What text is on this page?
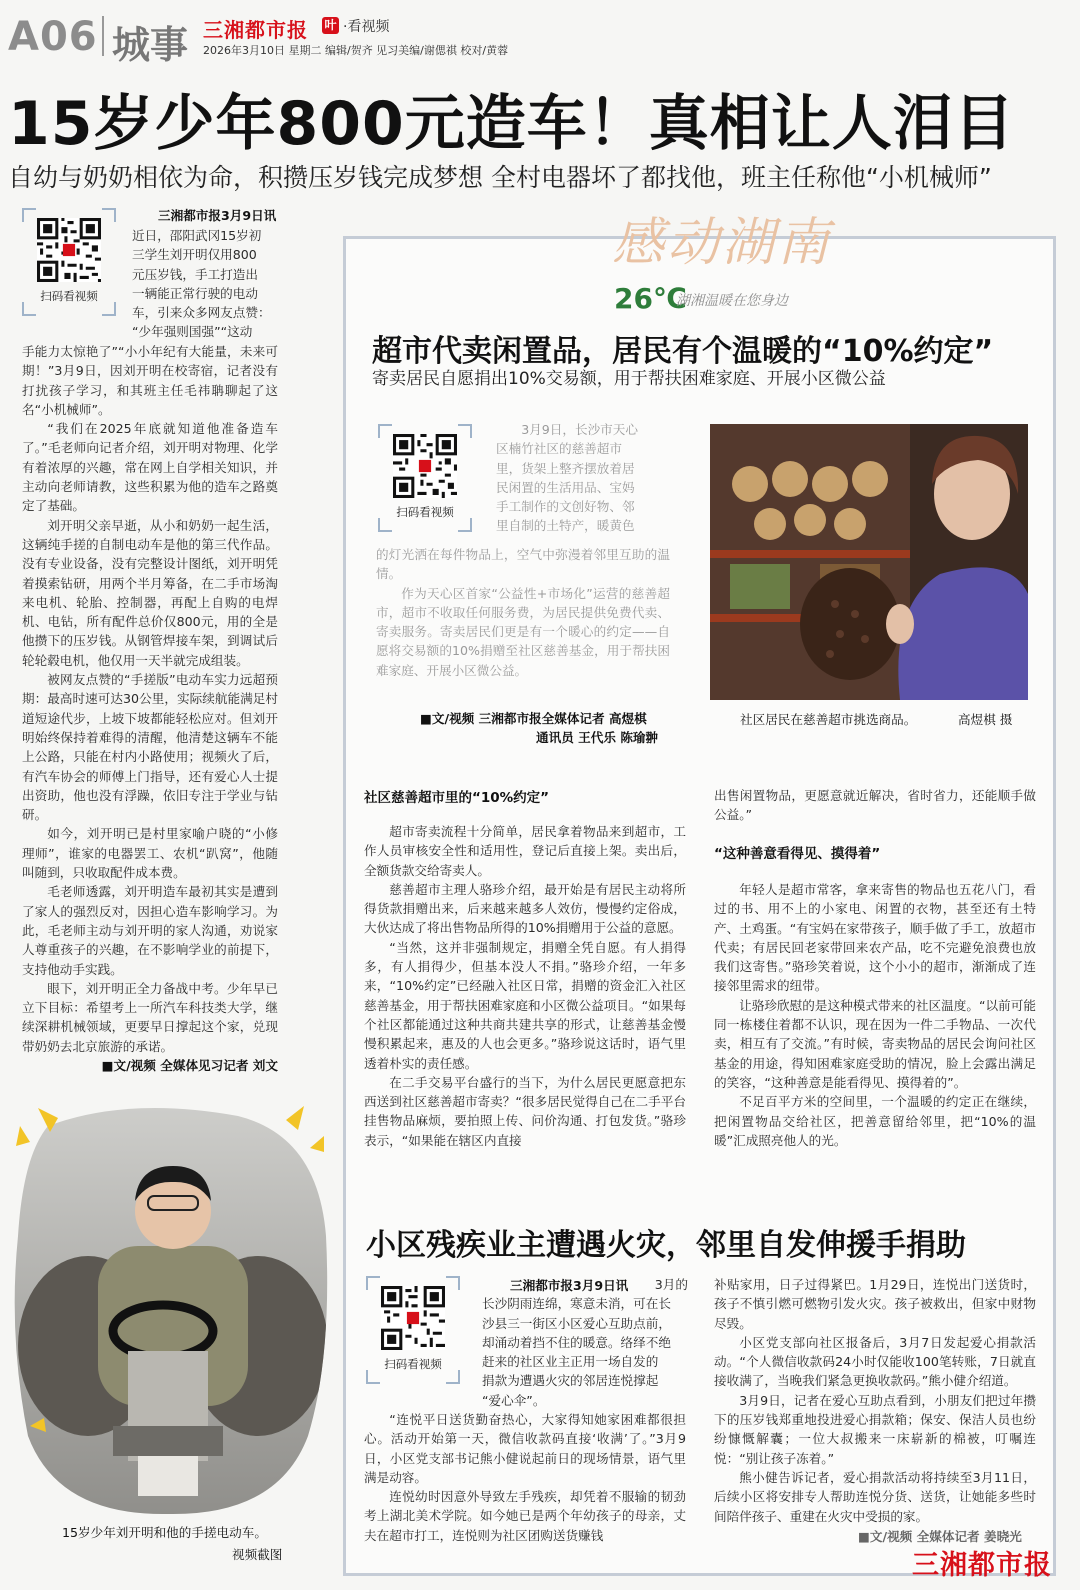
A06 城事 三湘都市报 叶 ·看视频
2026年3月10日 星期二 编辑/贺齐 见习美编/谢偲祺 校对/黄蓉
15岁少年800元造车！真相让人泪目
自幼与奶奶相依为命，积攒压岁钱完成梦想 全村电器坏了都找他，班主任称他“小机械师”
扫码看视频
三湘都市报3月9日讯
近日，邵阳武冈15岁初
三学生刘开明仅用800
元压岁钱，手工打造出
一辆能正常行驶的电动
车，引来众多网友点赞：
“少年强则国强”“这动
手能力太惊艳了”“小小年纪有大能量，未来可期！”3月9日，因刘开明在校寄宿，记者没有打扰孩子学习，和其班主任毛祎聃聊起了这名“小机械师”。

“我们在2025年底就知道他准备造车了。”毛老师向记者介绍，刘开明对物理、化学有着浓厚的兴趣，常在网上自学相关知识，并主动向老师请教，这些积累为他的造车之路奠定了基础。

刘开明父亲早逝，从小和奶奶一起生活，这辆纯手搓的自制电动车是他的第三代作品。没有专业设备，没有完整设计图纸，刘开明凭着摸索钻研，用两个半月筹备，在二手市场淘来电机、轮胎、控制器，再配上自购的电焊机、电钻，所有配件总价仅800元，用的全是他攒下的压岁钱。从钢管焊接车架，到调试后轮轮毂电机，他仅用一天半就完成组装。

被网友点赞的“手搓版”电动车实力远超预期：最高时速可达30公里，实际续航能满足村道短途代步，上坡下坡都能轻松应对。但刘开明始终保持着难得的清醒，他清楚这辆车不能上公路，只能在村内小路使用；视频火了后，有汽车协会的师傅上门指导，还有爱心人士提出资助，他也没有浮躁，依旧专注于学业与钻研。

如今，刘开明已是村里家喻户晓的“小修理师”，谁家的电器罢工、农机“趴窝”，他随叫随到，只收取配件成本费。

毛老师透露，刘开明造车最初其实是遭到了家人的强烈反对，因担心造车影响学习。为此，毛老师主动与刘开明的家人沟通，劝说家人尊重孩子的兴趣，在不影响学业的前提下，支持他动手实践。

眼下，刘开明正全力备战中考。少年早已立下目标：希望考上一所汽车科技类大学，继续深耕机械领域，更要早日撑起这个家，兑现带奶奶去北京旅游的承诺。

■文/视频 全媒体见习记者 刘文
15岁少年刘开明和他的手搓电动车。
视频截图
感动湖南
26℃
湖湘温暖在您身边
超市代卖闲置品，居民有个温暖的“10%约定”
寄卖居民自愿捐出10%交易额，用于帮扶困难家庭、开展小区微公益
扫码看视频
3月9日，长沙市天心
区楠竹社区的慈善超市
里，货架上整齐摆放着居
民闲置的生活用品、宝妈
手工制作的文创好物、邻
里自制的土特产，暖黄色
的灯光洒在每件物品上，空气中弥漫着邻里互助的温情。

作为天心区首家“公益性+市场化”运营的慈善超市，超市不收取任何服务费，为居民提供免费代卖、寄卖服务。寄卖居民们更是有一个暖心的约定——自愿将交易额的10%捐赠至社区慈善基金，用于帮扶困难家庭、开展小区微公益。

■文/视频 三湘都市报全媒体记者 高煜棋
通讯员 王代乐 陈瑜翀
社区居民在慈善超市挑选商品。	高煜棋 摄
社区慈善超市里的“10%约定”

超市寄卖流程十分简单，居民拿着物品来到超市，工作人员审核安全性和适用性，登记后直接上架。卖出后，全额货款交给寄卖人。

慈善超市主理人骆珍介绍，最开始是有居民主动将所得货款捐赠出来，后来越来越多人效仿，慢慢约定俗成，大伙达成了将出售物品所得的10%捐赠用于公益的意愿。

“当然，这并非强制规定，捐赠全凭自愿。有人捐得多，有人捐得少，但基本没人不捐。”骆珍介绍，一年多来，“10%约定”已经融入社区日常，捐赠的资金汇入社区慈善基金，用于帮扶困难家庭和小区微公益项目。“如果每个社区都能通过这种共商共建共享的形式，让慈善基金慢慢积累起来，惠及的人也会更多。”骆珍说这话时，语气里透着朴实的责任感。

在二手交易平台盛行的当下，为什么居民更愿意把东西送到社区慈善超市寄卖？“很多居民觉得自己在二手平台挂售物品麻烦，要拍照上传、问价沟通、打包发货。”骆珍表示，“如果能在辖区内直接

出售闲置物品，更愿意就近解决，省时省力，还能顺手做公益。”
“这种善意看得见、摸得着”

年轻人是超市常客，拿来寄售的物品也五花八门，看过的书、用不上的小家电、闲置的衣物，甚至还有土特产、土鸡蛋。“有宝妈在家带孩子，顺手做了手工，放超市代卖；有居民回老家带回来农产品，吃不完避免浪费也放我们这寄售。”骆珍笑着说，这个小小的超市，渐渐成了连接邻里需求的纽带。

让骆珍欣慰的是这种模式带来的社区温度。“以前可能同一栋楼住着都不认识，现在因为一件二手物品、一次代卖，相互有了交流。”有时候，寄卖物品的居民会询问社区基金的用途，得知困难家庭受助的情况，脸上会露出满足的笑容，“这种善意是能看得见、摸得着的”。

不足百平方米的空间里，一个温暖的约定正在继续，把闲置物品交给社区，把善意留给邻里，把“10%的温暖”汇成照亮他人的光。

小区残疾业主遭遇火灾，邻里自发伸援手捐助
扫码看视频
三湘都市报3月9日讯	3月的
长沙阴雨连绵，寒意未消，可在长
沙县三一街区小区爱心互助点前，
却涌动着挡不住的暖意。络绎不绝
赶来的社区业主正用一场自发的
捐款为遭遇火灾的邻居连悦撑起
“爱心伞”。

“连悦平日送货勤奋热心，大家得知她家困难都很担心。活动开始第一天，微信收款码直接‘收满’了。”3月9日，小区党支部书记熊小健说起前日的现场情景，语气里满是动容。

连悦幼时因意外导致左手残疾，却凭着不服输的韧劲考上湖北美术学院。如今她已是两个年幼孩子的母亲，丈夫在超市打工，连悦则为社区团购送货赚钱

补贴家用，日子过得紧巴。1月29日，连悦出门送货时，孩子不慎引燃可燃物引发火灾。孩子被救出，但家中财物尽毁。

小区党支部向社区报备后，3月7日发起爱心捐款活动。“个人微信收款码24小时仅能收100笔转账，7日就直接收满了，当晚我们紧急更换收款码。”熊小健介绍道。

3月9日，记者在爱心互助点看到，小朋友们把过年攒下的压岁钱郑重地投进爱心捐款箱；保安、保洁人员也纷纷慷慨解囊；一位大叔搬来一床崭新的棉被，叮嘱连悦：“别让孩子冻着。”

熊小健告诉记者，爱心捐款活动将持续至3月11日，后续小区将安排专人帮助连悦分货、送货，让她能多些时间陪伴孩子、重建在火灾中受损的家。

■文/视频 全媒体记者 姜晓光
三湘都市报
